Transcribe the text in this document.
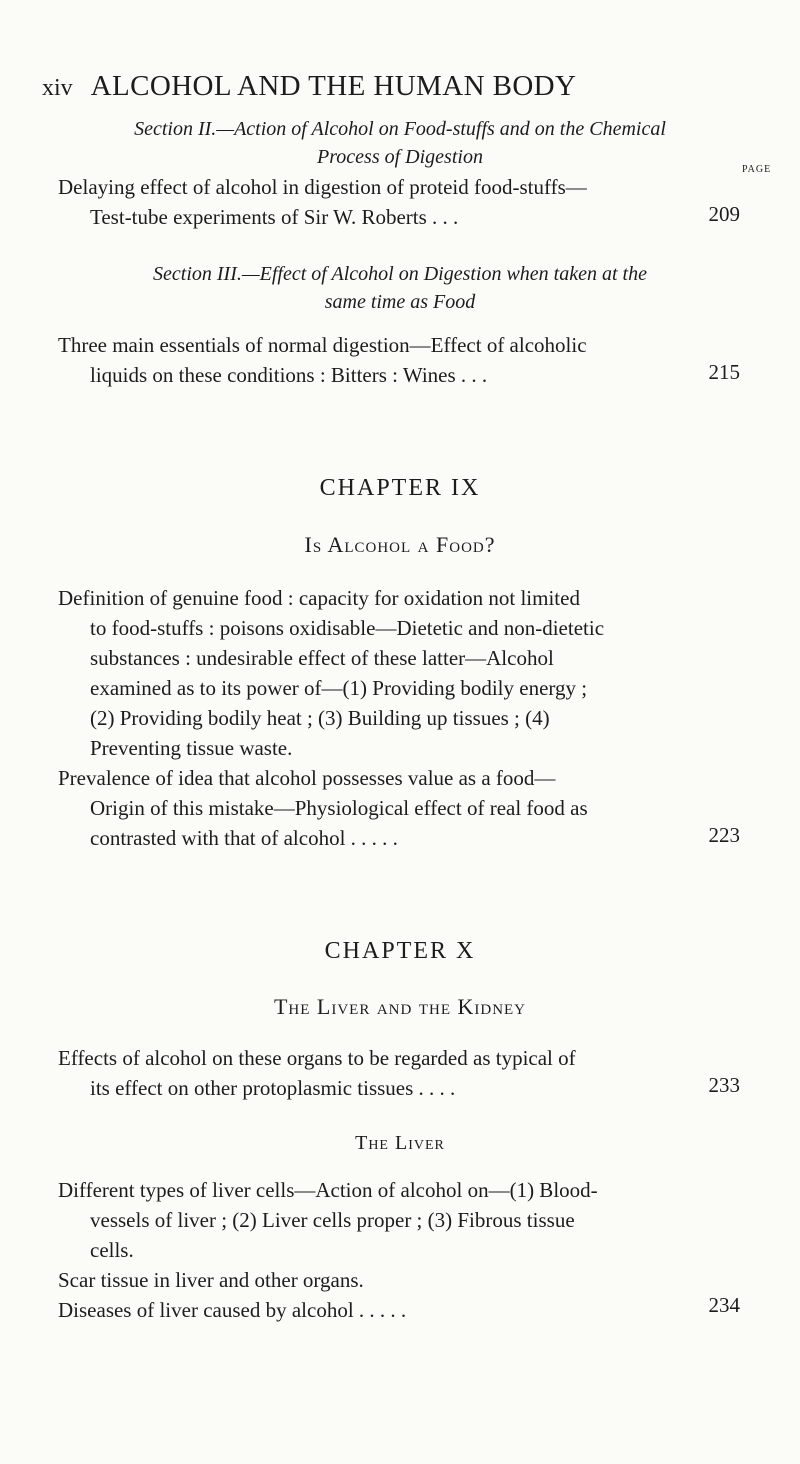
xiv ALCOHOL AND THE HUMAN BODY
Section II.—Action of Alcohol on Food-stuffs and on the Chemical
Process of Digestion
PAGE
Delaying effect of alcohol in digestion of proteid food-stuffs—
Test-tube experiments of Sir W. Roberts . . .	209
Section III.—Effect of Alcohol on Digestion when taken at the
same time as Food
Three main essentials of normal digestion—Effect of alcoholic
liquids on these conditions : Bitters : Wines . . .	215
CHAPTER IX
Is Alcohol a Food?
Definition of genuine food : capacity for oxidation not limited
to food-stuffs : poisons oxidisable—Dietetic and non-dietetic
substances : undesirable effect of these latter—Alcohol
examined as to its power of—(1) Providing bodily energy ;
(2) Providing bodily heat ; (3) Building up tissues ; (4)
Preventing tissue waste.
Prevalence of idea that alcohol possesses value as a food—
Origin of this mistake—Physiological effect of real food as
contrasted with that of alcohol . . . . .	223
CHAPTER X
The Liver and the Kidney
Effects of alcohol on these organs to be regarded as typical of
its effect on other protoplasmic tissues . . . .	233
The Liver
Different types of liver cells—Action of alcohol on—(1) Blood-
vessels of liver ; (2) Liver cells proper ; (3) Fibrous tissue
cells.
Scar tissue in liver and other organs.
Diseases of liver caused by alcohol . . . . .	234
